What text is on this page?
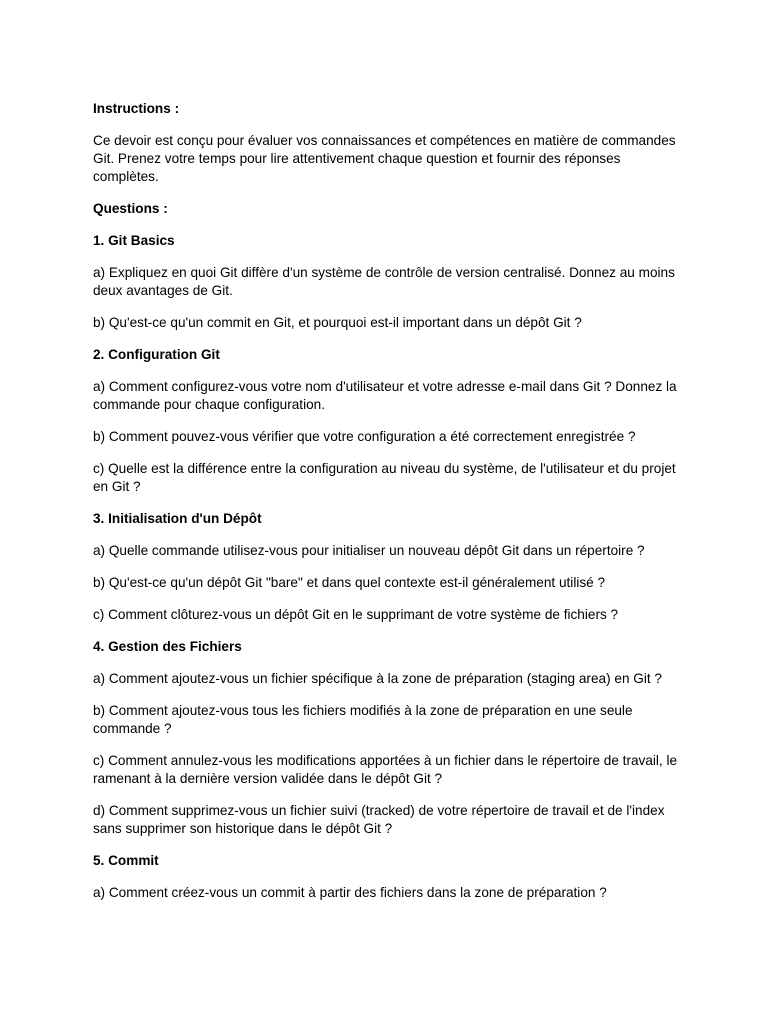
Instructions :

Ce devoir est conçu pour évaluer vos connaissances et compétences en matière de commandes Git. Prenez votre temps pour lire attentivement chaque question et fournir des réponses complètes.

Questions :

1. Git Basics

a) Expliquez en quoi Git diffère d'un système de contrôle de version centralisé. Donnez au moins deux avantages de Git.

b) Qu'est-ce qu'un commit en Git, et pourquoi est-il important dans un dépôt Git ?

2. Configuration Git

a) Comment configurez-vous votre nom d'utilisateur et votre adresse e-mail dans Git ? Donnez la commande pour chaque configuration.

b) Comment pouvez-vous vérifier que votre configuration a été correctement enregistrée ?

c) Quelle est la différence entre la configuration au niveau du système, de l'utilisateur et du projet en Git ?

3. Initialisation d'un Dépôt

a) Quelle commande utilisez-vous pour initialiser un nouveau dépôt Git dans un répertoire ?

b) Qu'est-ce qu'un dépôt Git "bare" et dans quel contexte est-il généralement utilisé ?

c) Comment clôturez-vous un dépôt Git en le supprimant de votre système de fichiers ?

4. Gestion des Fichiers

a) Comment ajoutez-vous un fichier spécifique à la zone de préparation (staging area) en Git ?

b) Comment ajoutez-vous tous les fichiers modifiés à la zone de préparation en une seule commande ?

c) Comment annulez-vous les modifications apportées à un fichier dans le répertoire de travail, le ramenant à la dernière version validée dans le dépôt Git ?

d) Comment supprimez-vous un fichier suivi (tracked) de votre répertoire de travail et de l'index sans supprimer son historique dans le dépôt Git ?

5. Commit

a) Comment créez-vous un commit à partir des fichiers dans la zone de préparation ?
